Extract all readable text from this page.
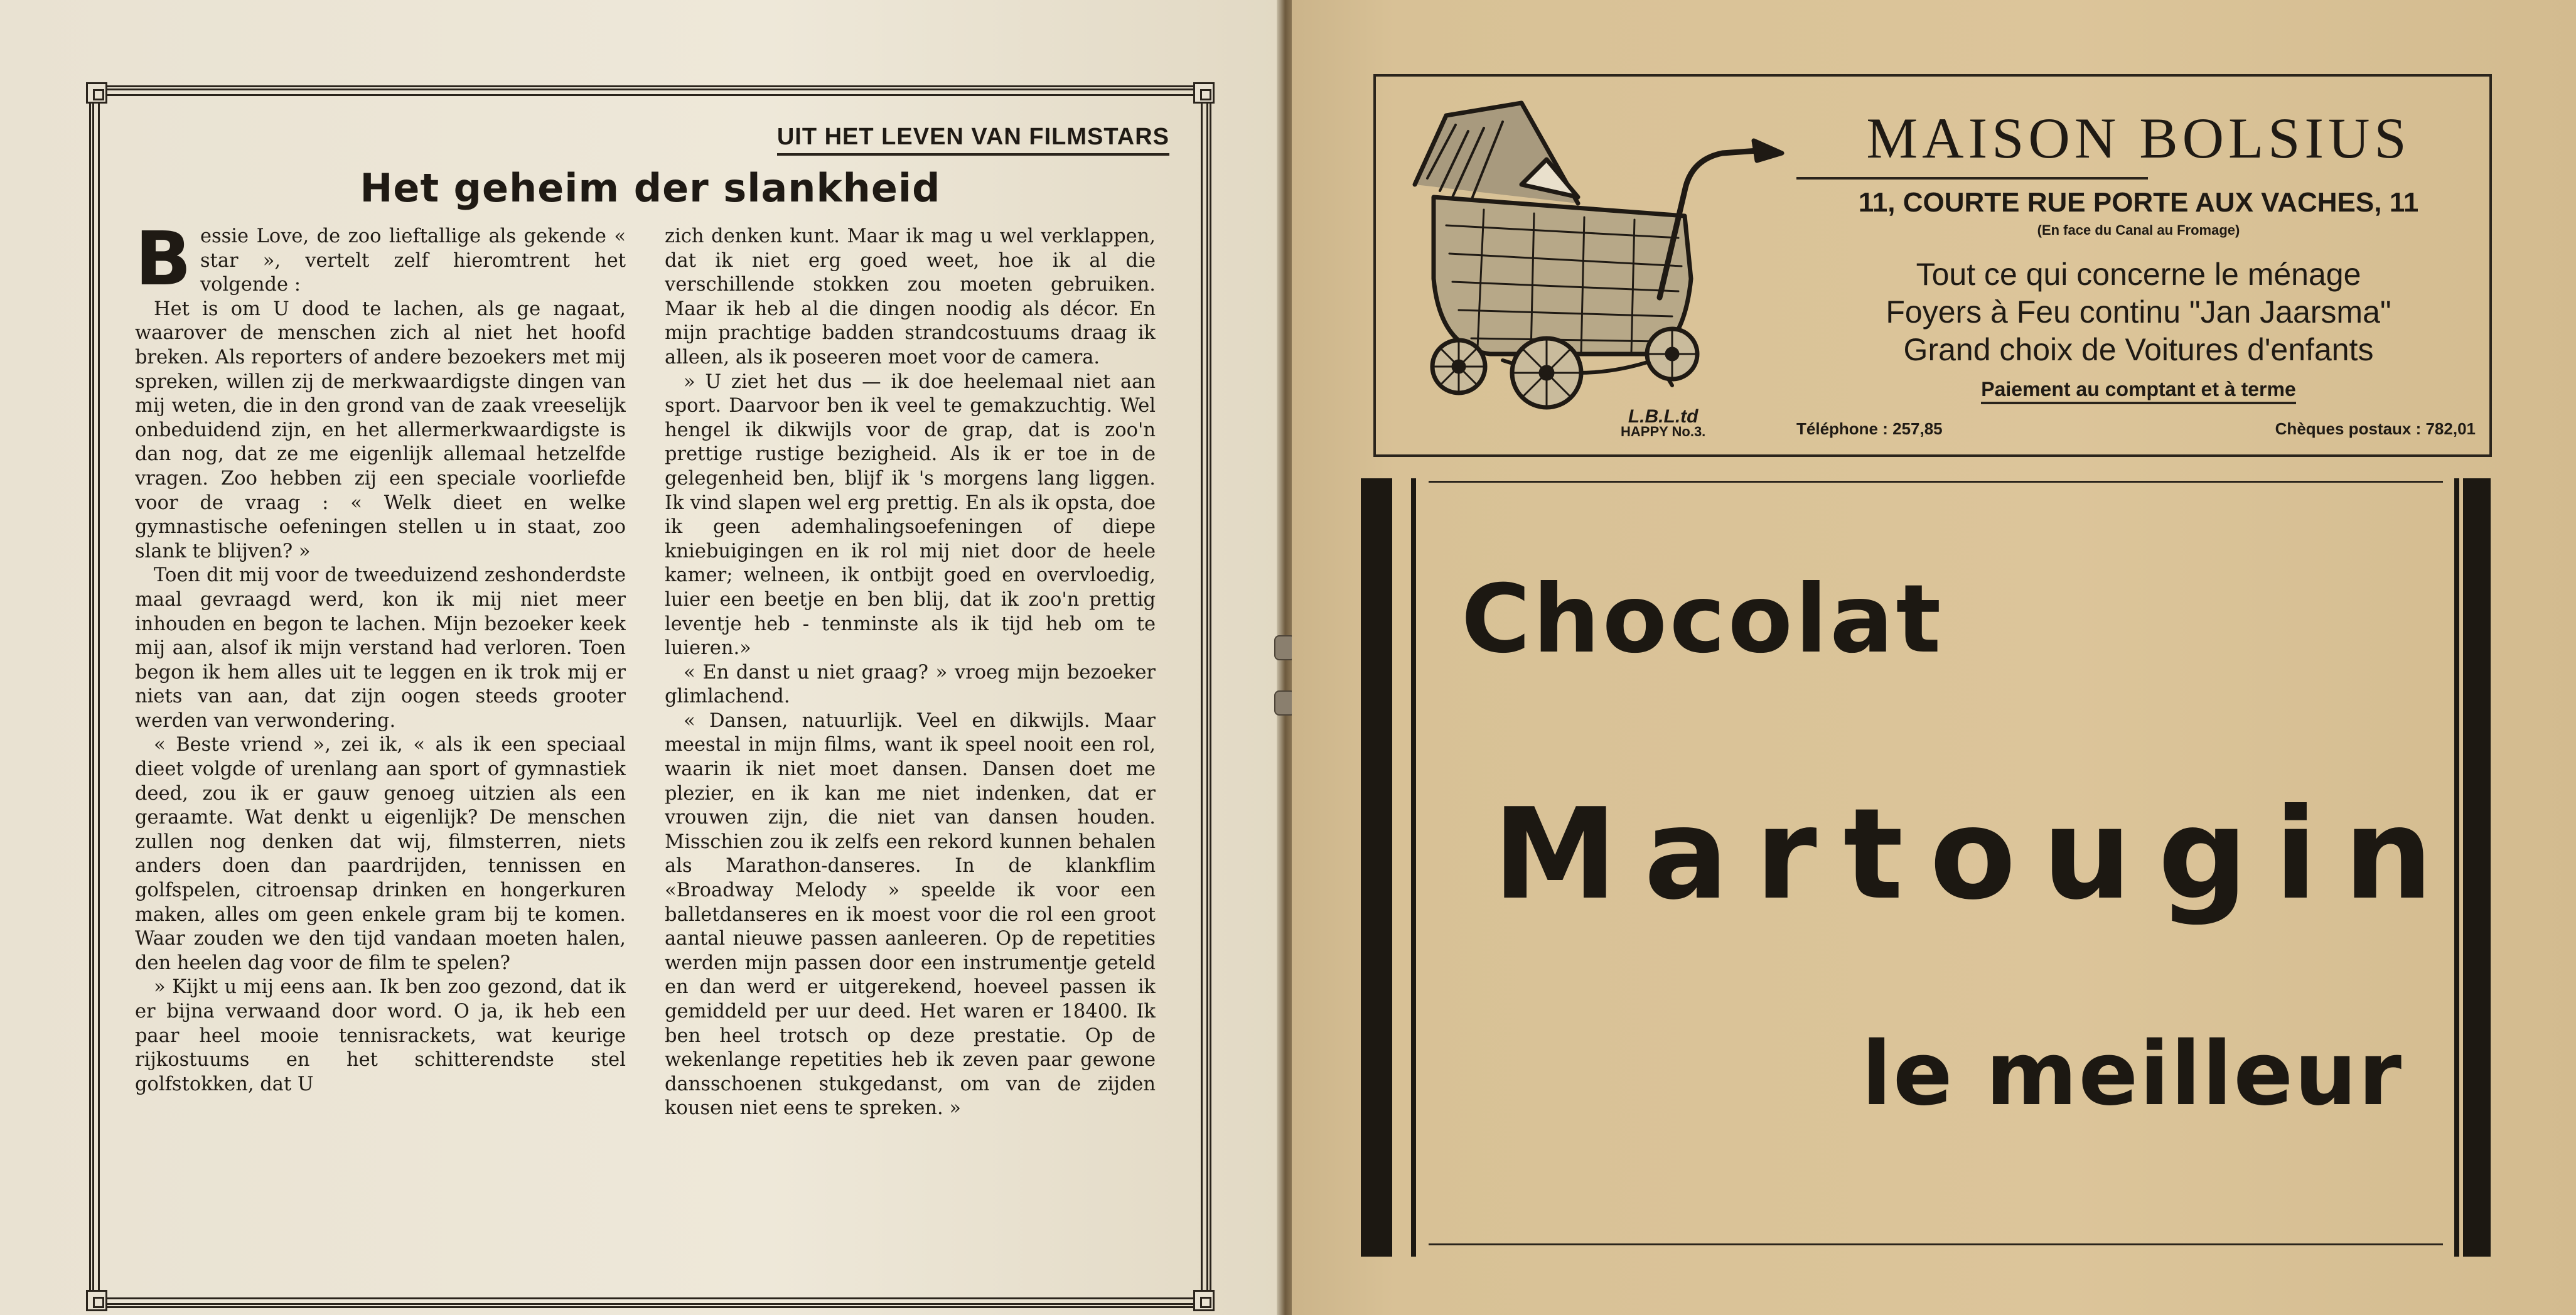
UIT HET LEVEN VAN FILMSTARS
Het geheim der slankheid

Bessie Love, de zoo lieftallige als gekende « star », vertelt zelf hieromtrent het volgende :

Het is om U dood te lachen, als ge nagaat, waarover de menschen zich al niet het hoofd breken. Als reporters of andere bezoekers met mij spreken, willen zij de merkwaardigste dingen van mij weten, die in den grond van de zaak vreeselijk onbeduidend zijn, en het allermerkwaardigste is dan nog, dat ze me eigenlijk allemaal hetzelfde vragen. Zoo hebben zij een speciale voorliefde voor de vraag : « Welk dieet en welke gymnastische oefeningen stellen u in staat, zoo slank te blijven? »

Toen dit mij voor de tweeduizend zeshonderdste maal gevraagd werd, kon ik mij niet meer inhouden en begon te lachen. Mijn bezoeker keek mij aan, alsof ik mijn verstand had verloren. Toen begon ik hem alles uit te leggen en ik trok mij er niets van aan, dat zijn oogen steeds grooter werden van verwondering.

« Beste vriend », zei ik, « als ik een speciaal dieet volgde of urenlang aan sport of gymnastiek deed, zou ik er gauw genoeg uitzien als een geraamte. Wat denkt u eigenlijk? De menschen zullen nog denken dat wij, filmsterren, niets anders doen dan paardrijden, tennissen en golfspelen, citroensap drinken en hongerkuren maken, alles om geen enkele gram bij te komen. Waar zouden we den tijd vandaan moeten halen, den heelen dag voor de film te spelen?

» Kijkt u mij eens aan. Ik ben zoo gezond, dat ik er bijna verwaand door word. O ja, ik heb een paar heel mooie tennisrackets, wat keurige rijkostuums en het schitterendste stel golfstokken, dat U

zich denken kunt. Maar ik mag u wel verklappen, dat ik niet erg goed weet, hoe ik al die verschillende stokken zou moeten gebruiken. Maar ik heb al die dingen noodig als décor. En mijn prachtige badden strandcostuums draag ik alleen, als ik poseeren moet voor de camera.

» U ziet het dus — ik doe heelemaal niet aan sport. Daarvoor ben ik veel te gemakzuchtig. Wel hengel ik dikwijls voor de grap, dat is zoo'n prettige rustige bezigheid. Als ik er toe in de gelegenheid ben, blijf ik 's morgens lang liggen. Ik vind slapen wel erg prettig. En als ik opsta, doe ik geen ademhalingsoefeningen of diepe kniebuigingen en ik rol mij niet door de heele kamer; welneen, ik ontbijt goed en overvloedig, luier een beetje en ben blij, dat ik zoo'n prettig leventje heb - tenminste als ik tijd heb om te luieren.»

« En danst u niet graag? » vroeg mijn bezoeker glimlachend.

« Dansen, natuurlijk. Veel en dikwijls. Maar meestal in mijn films, want ik speel nooit een rol, waarin ik niet moet dansen. Dansen doet me plezier, en ik kan me niet indenken, dat er vrouwen zijn, die niet van dansen houden. Misschien zou ik zelfs een rekord kunnen behalen als Marathon-danseres. In de klankflim «Broadway Melody » speelde ik voor een balletdanseres en ik moest voor die rol een groot aantal nieuwe passen aanleeren. Op de repetities werden mijn passen door een instrumentje geteld en dan werd er uitgerekend, hoeveel passen ik gemiddeld per uur deed. Het waren er 18400. Ik ben heel trotsch op deze prestatie. Op de wekenlange repetities heb ik zeven paar gewone dansschoenen stukgedanst, om van de zijden kousen niet eens te spreken. »

L.B.L.td
HAPPY No.3.
MAISON BOLSIUS
11, COURTE RUE PORTE AUX VACHES, 11
(En face du Canal au Fromage)
Tout ce qui concerne le ménage
Foyers à Feu continu "Jan Jaarsma"
Grand choix de Voitures d'enfants
Paiement au comptant et à terme
Téléphone : 257,85	Chèques postaux : 782,01
Chocolat
Martougin
le meilleur
